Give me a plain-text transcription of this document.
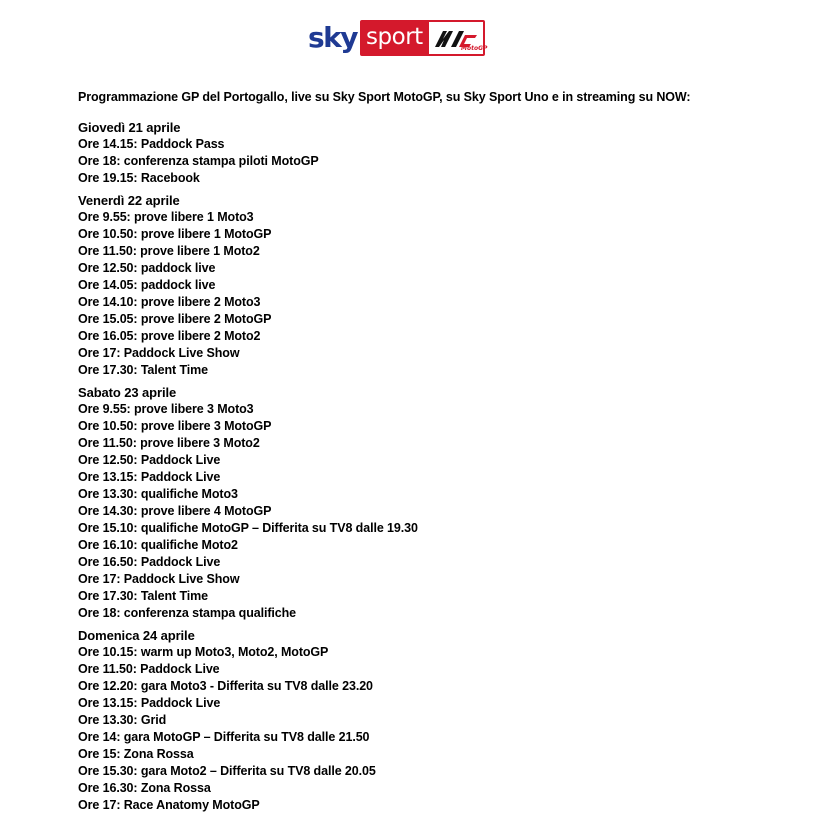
sky sport	MotoGP
Programmazione GP del Portogallo, live su Sky Sport MotoGP, su Sky Sport Uno e in streaming su NOW:
Giovedì 21 aprile
Ore 14.15: Paddock Pass
Ore 18: conferenza stampa piloti MotoGP
Ore 19.15: Racebook
Venerdì 22 aprile
Ore 9.55: prove libere 1 Moto3
Ore 10.50: prove libere 1 MotoGP
Ore 11.50: prove libere 1 Moto2
Ore 12.50: paddock live
Ore 14.05: paddock live
Ore 14.10: prove libere 2 Moto3
Ore 15.05: prove libere 2 MotoGP
Ore 16.05: prove libere 2 Moto2
Ore 17: Paddock Live Show
Ore 17.30: Talent Time
Sabato 23 aprile
Ore 9.55: prove libere 3 Moto3
Ore 10.50: prove libere 3 MotoGP
Ore 11.50: prove libere 3 Moto2
Ore 12.50: Paddock Live
Ore 13.15: Paddock Live
Ore 13.30: qualifiche Moto3
Ore 14.30: prove libere 4 MotoGP
Ore 15.10: qualifiche MotoGP – Differita su TV8 dalle 19.30
Ore 16.10: qualifiche Moto2
Ore 16.50: Paddock Live
Ore 17: Paddock Live Show
Ore 17.30: Talent Time
Ore 18: conferenza stampa qualifiche
Domenica 24 aprile
Ore 10.15: warm up Moto3, Moto2, MotoGP
Ore 11.50: Paddock Live
Ore 12.20: gara Moto3 - Differita su TV8 dalle 23.20
Ore 13.15: Paddock Live
Ore 13.30: Grid
Ore 14: gara MotoGP – Differita su TV8 dalle 21.50
Ore 15: Zona Rossa
Ore 15.30: gara Moto2 – Differita su TV8 dalle 20.05
Ore 16.30: Zona Rossa
Ore 17: Race Anatomy MotoGP
